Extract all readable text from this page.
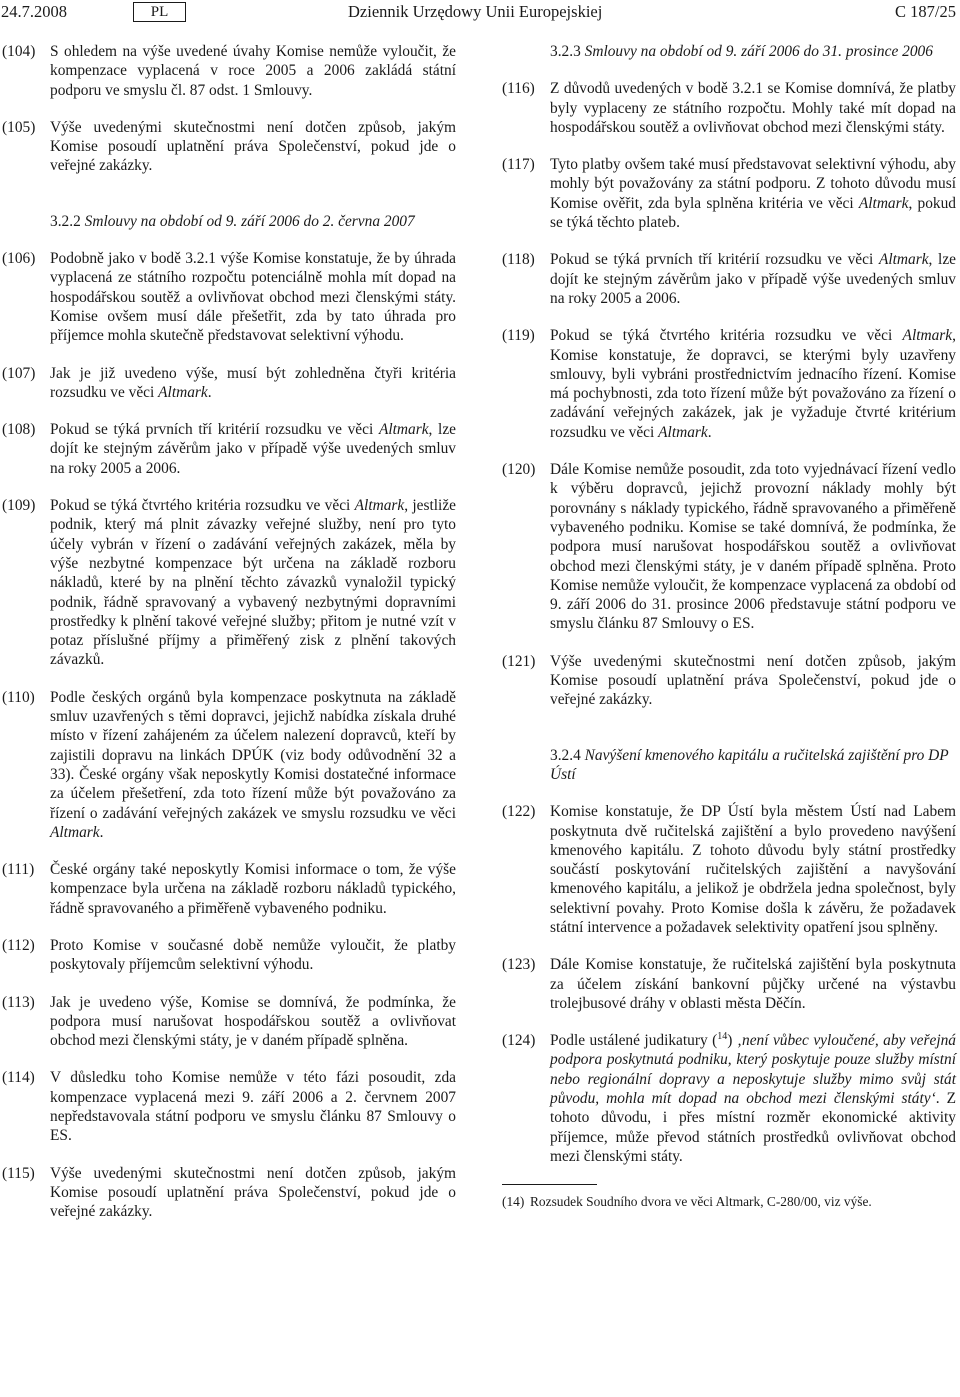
24.7.2008	PL	Dziennik Urzędowy Unii Europejskiej	C 187/25
(104) S ohledem na výše uvedené úvahy Komise nemůže vyloučit, že kompenzace vyplacená v roce 2005 a 2006 zakládá státní podporu ve smyslu čl. 87 odst. 1 Smlouvy.
(105) Výše uvedenými skutečnostmi není dotčen způsob, jakým Komise posoudí uplatnění práva Společenství, pokud jde o veřejné zakázky.
3.2.2 Smlouvy na období od 9. září 2006 do 2. června 2007
(106) Podobně jako v bodě 3.2.1 výše Komise konstatuje, že by úhrada vyplacená ze státního rozpočtu potenciálně mohla mít dopad na hospodářskou soutěž a ovlivňovat obchod mezi členskými státy. Komise ovšem musí dále přešetřit, zda by tato úhrada pro příjemce mohla skutečně představovat selektivní výhodu.
(107) Jak je již uvedeno výše, musí být zohledněna čtyři kritéria rozsudku ve věci Altmark.
(108) Pokud se týká prvních tří kritérií rozsudku ve věci Altmark, lze dojít ke stejným závěrům jako v případě výše uvedených smluv na roky 2005 a 2006.
(109) Pokud se týká čtvrtého kritéria rozsudku ve věci Altmark, jestliže podnik, který má plnit závazky veřejné služby, není pro tyto účely vybrán v řízení o zadávání veřejných zakázek, měla by výše nezbytné kompenzace být určena na základě rozboru nákladů, které by na plnění těchto závazků vynaložil typický podnik, řádně spravovaný a vybavený nezbytnými dopravními prostředky k plnění takové veřejné služby; přitom je nutné vzít v potaz příslušné příjmy a přiměřený zisk z plnění takových závazků.
(110) Podle českých orgánů byla kompenzace poskytnuta na základě smluv uzavřených s těmi dopravci, jejichž nabídka získala druhé místo v řízení zahájeném za účelem nalezení dopravců, kteří by zajistili dopravu na linkách DPÚK (viz body odůvodnění 32 a 33). České orgány však neposkytly Komisi dostatečné informace za účelem přešetření, zda toto řízení může být považováno za řízení o zadávání veřejných zakázek ve smyslu rozsudku ve věci Altmark.
(111) České orgány také neposkytly Komisi informace o tom, že výše kompenzace byla určena na základě rozboru nákladů typického, řádně spravovaného a přiměřeně vybaveného podniku.
(112) Proto Komise v současné době nemůže vyloučit, že platby poskytovaly příjemcům selektivní výhodu.
(113) Jak je uvedeno výše, Komise se domnívá, že podmínka, že podpora musí narušovat hospodářskou soutěž a ovlivňovat obchod mezi členskými státy, je v daném případě splněna.
(114) V důsledku toho Komise nemůže v této fázi posoudit, zda kompenzace vyplacená mezi 9. září 2006 a 2. červnem 2007 nepředstavovala státní podporu ve smyslu článku 87 Smlouvy o ES.
(115) Výše uvedenými skutečnostmi není dotčen způsob, jakým Komise posoudí uplatnění práva Společenství, pokud jde o veřejné zakázky.
3.2.3 Smlouvy na období od 9. září 2006 do 31. prosince 2006
(116) Z důvodů uvedených v bodě 3.2.1 se Komise domnívá, že platby byly vyplaceny ze státního rozpočtu. Mohly také mít dopad na hospodářskou soutěž a ovlivňovat obchod mezi členskými státy.
(117) Tyto platby ovšem také musí představovat selektivní výhodu, aby mohly být považovány za státní podporu. Z tohoto důvodu musí Komise ověřit, zda byla splněna kritéria ve věci Altmark, pokud se týká těchto plateb.
(118) Pokud se týká prvních tří kritérií rozsudku ve věci Altmark, lze dojít ke stejným závěrům jako v případě výše uvedených smluv na roky 2005 a 2006.
(119) Pokud se týká čtvrtého kritéria rozsudku ve věci Altmark, Komise konstatuje, že dopravci, se kterými byly uzavřeny smlouvy, byli vybráni prostřednictvím jednacího řízení. Komise má pochybnosti, zda toto řízení může být považováno za řízení o zadávání veřejných zakázek, jak je vyžaduje čtvrté kritérium rozsudku ve věci Altmark.
(120) Dále Komise nemůže posoudit, zda toto vyjednávací řízení vedlo k výběru dopravců, jejichž provozní náklady mohly být porovnány s náklady typického, řádně spravovaného a přiměřeně vybaveného podniku. Komise se také domnívá, že podmínka, že podpora musí narušovat hospodářskou soutěž a ovlivňovat obchod mezi členskými státy, je v daném případě splněna. Proto Komise nemůže vyloučit, že kompenzace vyplacená za období od 9. září 2006 do 31. prosince 2006 představuje státní podporu ve smyslu článku 87 Smlouvy o ES.
(121) Výše uvedenými skutečnostmi není dotčen způsob, jakým Komise posoudí uplatnění práva Společenství, pokud jde o veřejné zakázky.
3.2.4 Navýšení kmenového kapitálu a ručitelská zajištění pro DP Ústí
(122) Komise konstatuje, že DP Ústí byla městem Ústí nad Labem poskytnuta dvě ručitelská zajištění a bylo provedeno navýšení kmenového kapitálu. Z tohoto důvodu byly státní prostředky součástí poskytování ručitelských zajištění a navyšování kmenového kapitálu, a jelikož je obdržela jedna společnost, byly selektivní povahy. Proto Komise došla k závěru, že požadavek státní intervence a požadavek selektivity opatření jsou splněny.
(123) Dále Komise konstatuje, že ručitelská zajištění byla poskytnuta za účelem získání bankovní půjčky určené na výstavbu trolejbusové dráhy v oblasti města Děčín.
(124) Podle ustálené judikatury ($^{14}$) ‚není vůbec vyloučené, aby veřejná podpora poskytnutá podniku, který poskytuje pouze služby místní nebo regionální dopravy a neposkytuje služby mimo svůj stát původu, mohla mít dopad na obchod mezi členskými státy‘. Z tohoto důvodu, i přes místní rozměr ekonomické aktivity příjemce, může převod státních prostředků ovlivňovat obchod mezi členskými státy.
(14) Rozsudek Soudního dvora ve věci Altmark, C-280/00, viz výše.
